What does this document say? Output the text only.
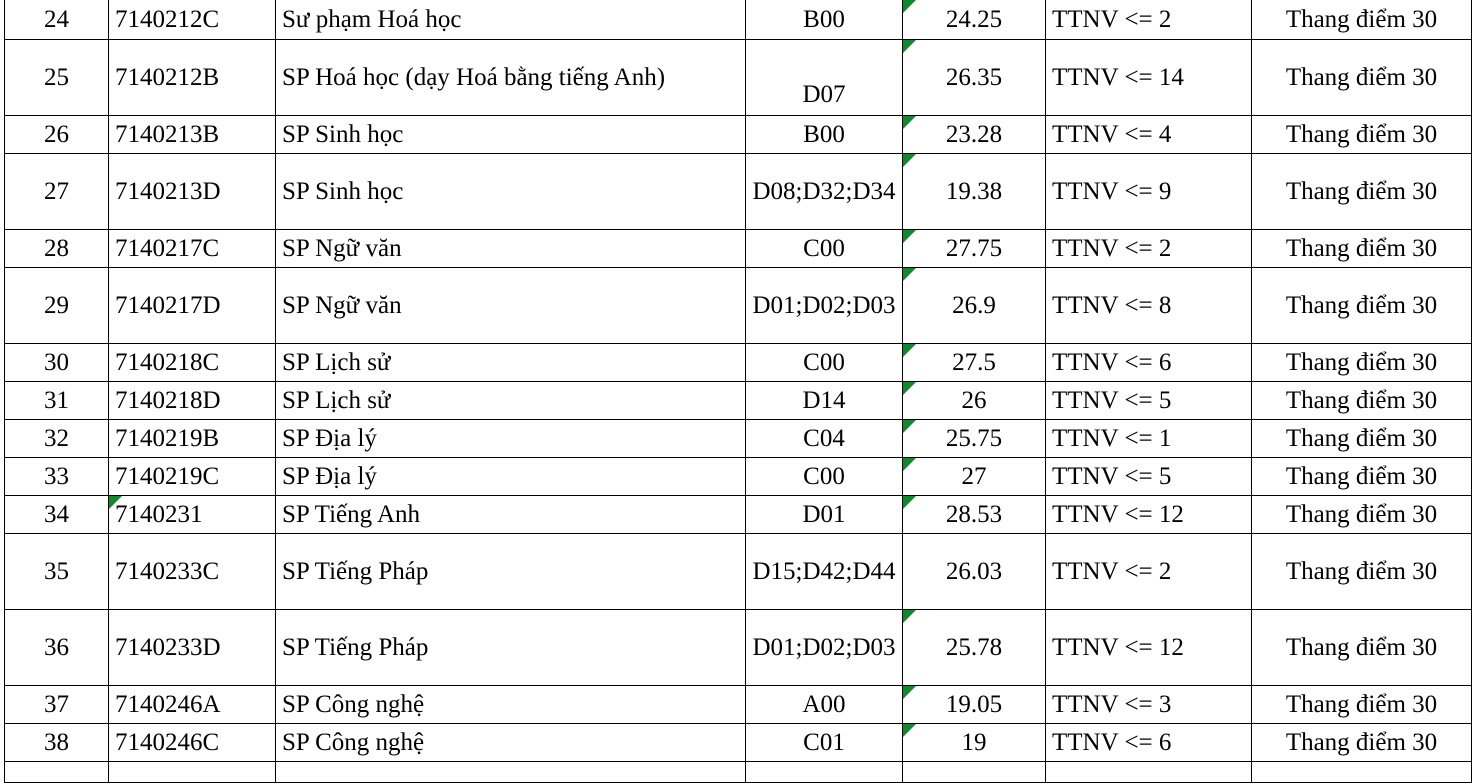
24	7140212C	Sư phạm Hoá học	B00	24.25	TTNV <= 2	Thang điểm 30
25	7140212B	SP Hoá học (dạy Hoá bằng tiếng Anh)	D07	26.35	TTNV <= 14	Thang điểm 30
26	7140213B	SP Sinh học	B00	23.28	TTNV <= 4	Thang điểm 30
27	7140213D	SP Sinh học	D08;D32;D34	19.38	TTNV <= 9	Thang điểm 30
28	7140217C	SP Ngữ văn	C00	27.75	TTNV <= 2	Thang điểm 30
29	7140217D	SP Ngữ văn	D01;D02;D03	26.9	TTNV <= 8	Thang điểm 30
30	7140218C	SP Lịch sử	C00	27.5	TTNV <= 6	Thang điểm 30
31	7140218D	SP Lịch sử	D14	26	TTNV <= 5	Thang điểm 30
32	7140219B	SP Địa lý	C04	25.75	TTNV <= 1	Thang điểm 30
33	7140219C	SP Địa lý	C00	27	TTNV <= 5	Thang điểm 30
34	7140231	SP Tiếng Anh	D01	28.53	TTNV <= 12	Thang điểm 30
35	7140233C	SP Tiếng Pháp	D15;D42;D44	26.03	TTNV <= 2	Thang điểm 30
36	7140233D	SP Tiếng Pháp	D01;D02;D03	25.78	TTNV <= 12	Thang điểm 30
37	7140246A	SP Công nghệ	A00	19.05	TTNV <= 3	Thang điểm 30
38	7140246C	SP Công nghệ	C01	19	TTNV <= 6	Thang điểm 30
